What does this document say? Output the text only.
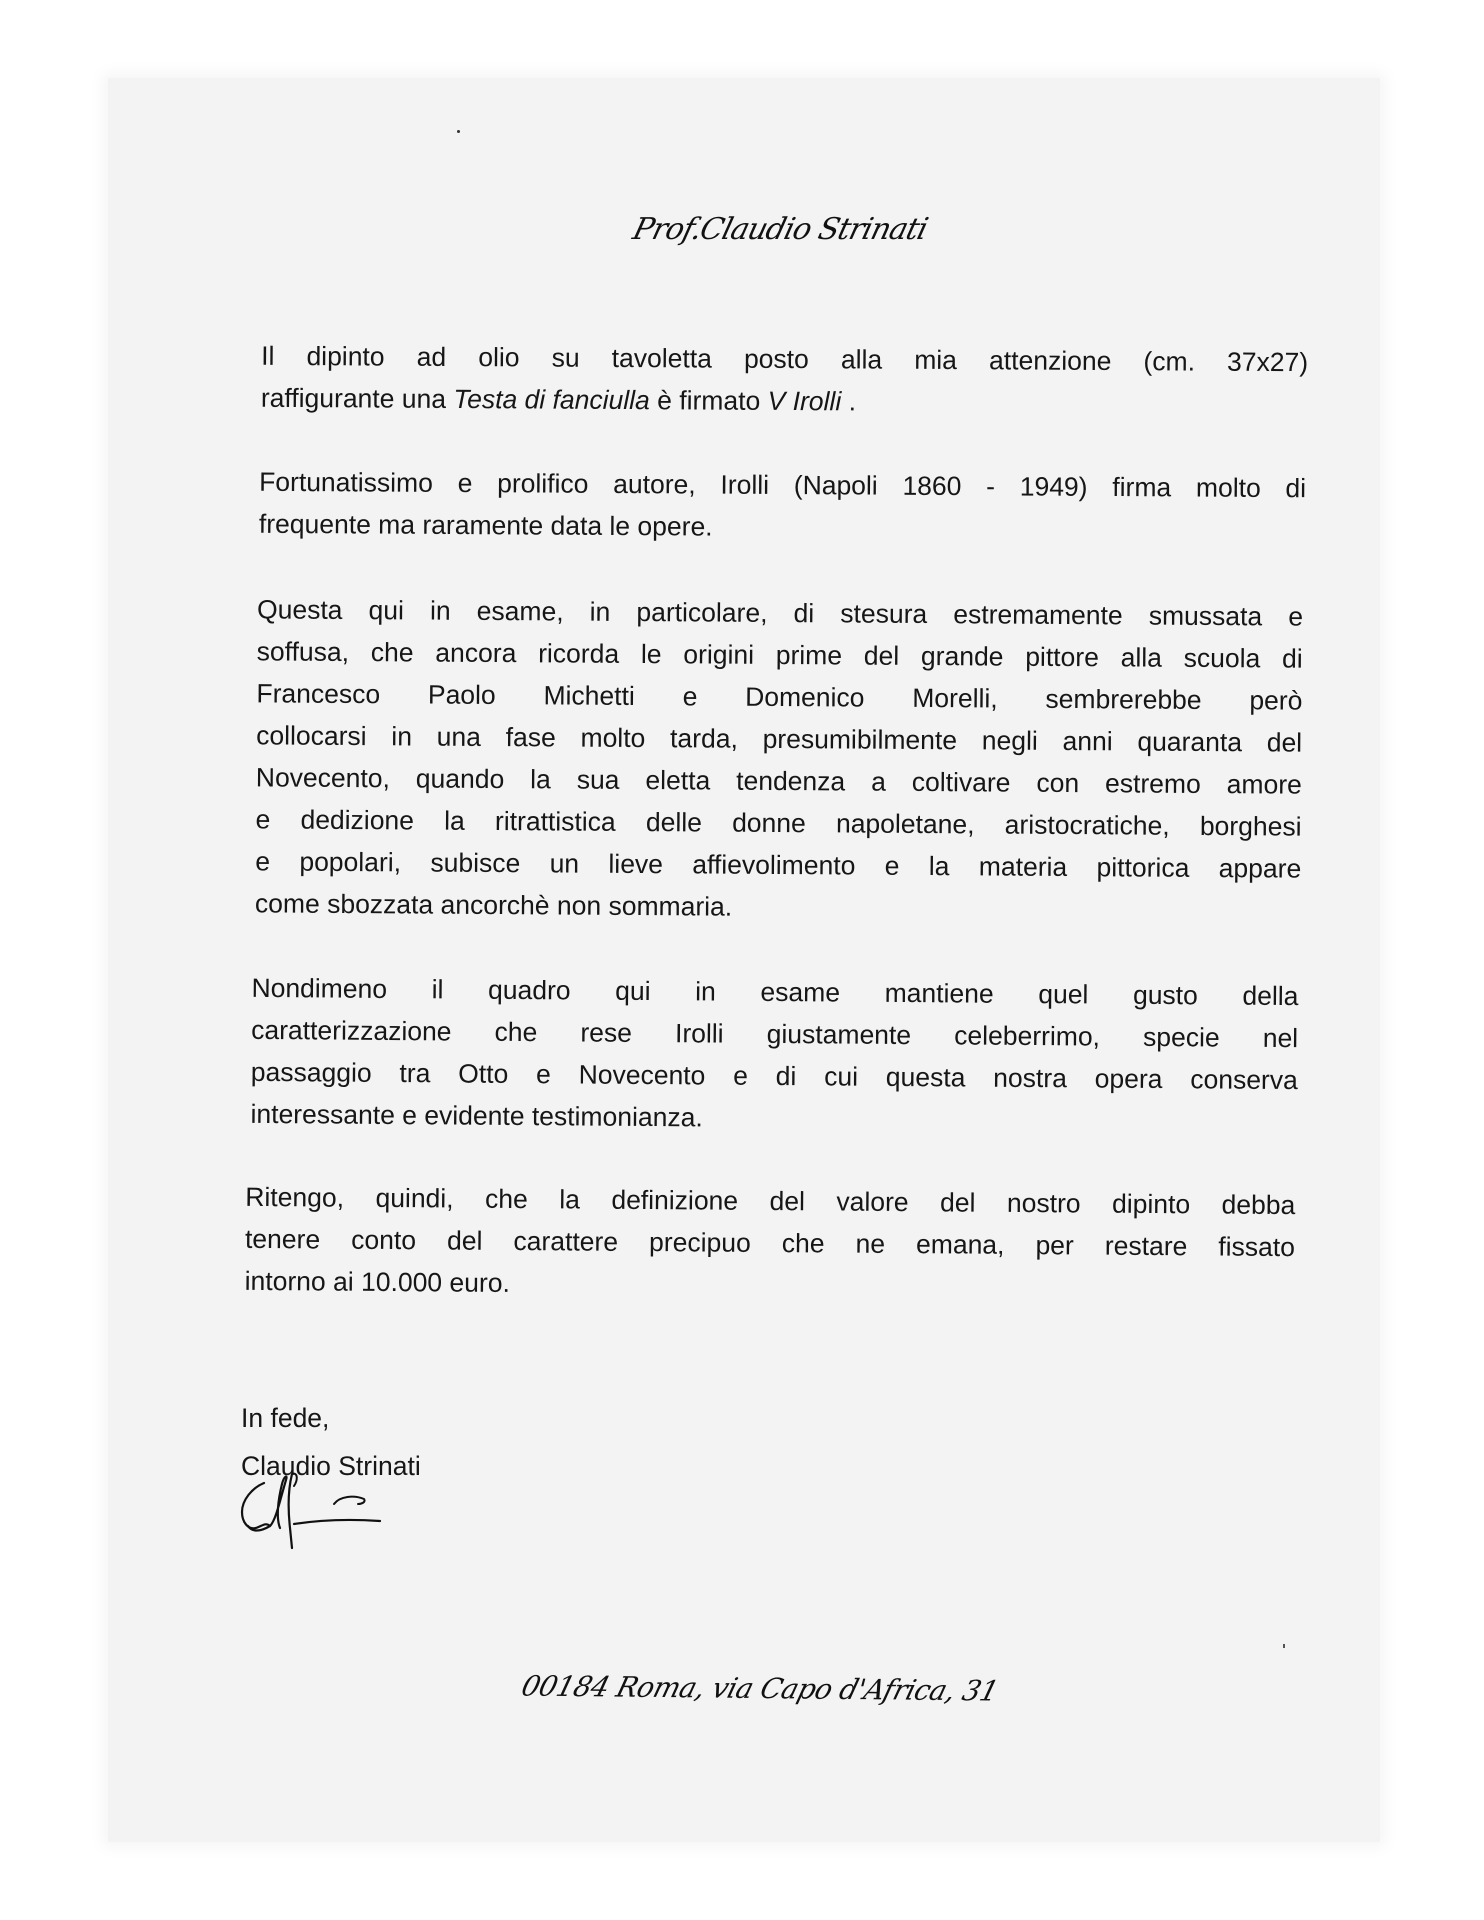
Prof.Claudio Strinati
Il dipinto ad olio su tavoletta posto alla mia attenzione (cm. 37x27)
raffigurante una Testa di fanciulla è firmato V Irolli .
Fortunatissimo e prolifico autore, Irolli (Napoli 1860 - 1949) firma molto di
frequente ma raramente data le opere.
Questa qui in esame, in particolare, di stesura estremamente smussata e
soffusa, che ancora ricorda le origini prime del grande pittore alla scuola di
Francesco Paolo Michetti e Domenico Morelli, sembrerebbe però
collocarsi in una fase molto tarda, presumibilmente negli anni quaranta del
Novecento, quando la sua eletta tendenza a coltivare con estremo amore
e dedizione la ritrattistica delle donne napoletane, aristocratiche, borghesi
e popolari, subisce un lieve affievolimento e la materia pittorica appare
come sbozzata ancorchè non sommaria.
Nondimeno il quadro qui in esame mantiene quel gusto della
caratterizzazione che rese Irolli giustamente celeberrimo, specie nel
passaggio tra Otto e Novecento e di cui questa nostra opera conserva
interessante e evidente testimonianza.
Ritengo, quindi, che la definizione del valore del nostro dipinto debba
tenere conto del carattere precipuo che ne emana, per restare fissato
intorno ai 10.000 euro.
In fede,
Claudio Strinati
00184 Roma, via Capo d'Africa, 31
